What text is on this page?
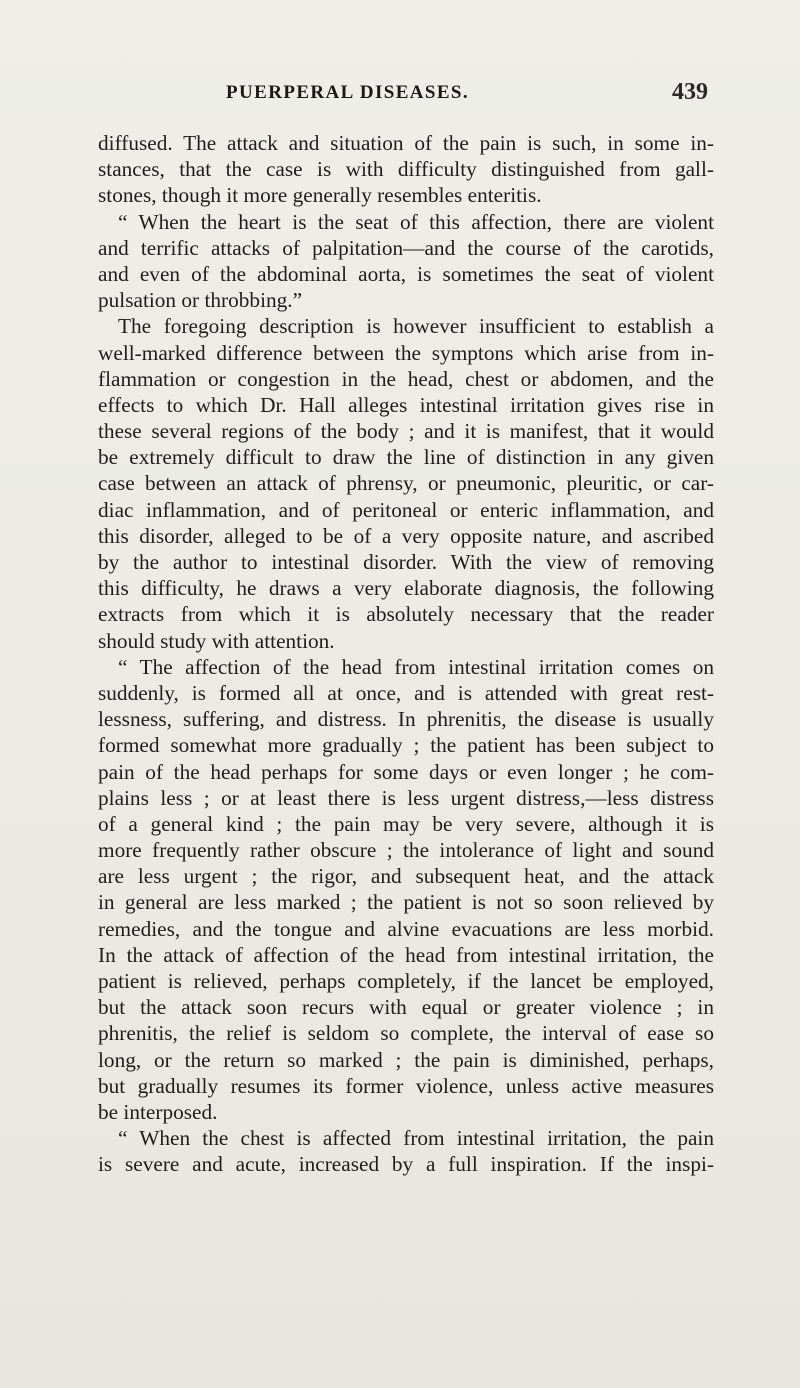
PUERPERAL DISEASES.	439
diffused. The attack and situation of the pain is such, in some in-
stances, that the case is with difficulty distinguished from gall-
stones, though it more generally resembles enteritis.
“ When the heart is the seat of this affection, there are violent
and terrific attacks of palpitation—and the course of the carotids,
and even of the abdominal aorta, is sometimes the seat of violent
pulsation or throbbing.”
The foregoing description is however insufficient to establish a
well-marked difference between the symptons which arise from in-
flammation or congestion in the head, chest or abdomen, and the
effects to which Dr. Hall alleges intestinal irritation gives rise in
these several regions of the body ; and it is manifest, that it would
be extremely difficult to draw the line of distinction in any given
case between an attack of phrensy, or pneumonic, pleuritic, or car-
diac inflammation, and of peritoneal or enteric inflammation, and
this disorder, alleged to be of a very opposite nature, and ascribed
by the author to intestinal disorder. With the view of removing
this difficulty, he draws a very elaborate diagnosis, the following
extracts from which it is absolutely necessary that the reader
should study with attention.
“ The affection of the head from intestinal irritation comes on
suddenly, is formed all at once, and is attended with great rest-
lessness, suffering, and distress. In phrenitis, the disease is usually
formed somewhat more gradually ; the patient has been subject to
pain of the head perhaps for some days or even longer ; he com-
plains less ; or at least there is less urgent distress,—less distress
of a general kind ; the pain may be very severe, although it is
more frequently rather obscure ; the intolerance of light and sound
are less urgent ; the rigor, and subsequent heat, and the attack
in general are less marked ; the patient is not so soon relieved by
remedies, and the tongue and alvine evacuations are less morbid.
In the attack of affection of the head from intestinal irritation, the
patient is relieved, perhaps completely, if the lancet be employed,
but the attack soon recurs with equal or greater violence ; in
phrenitis, the relief is seldom so complete, the interval of ease so
long, or the return so marked ; the pain is diminished, perhaps,
but gradually resumes its former violence, unless active measures
be interposed.
“ When the chest is affected from intestinal irritation, the pain
is severe and acute, increased by a full inspiration. If the inspi-
